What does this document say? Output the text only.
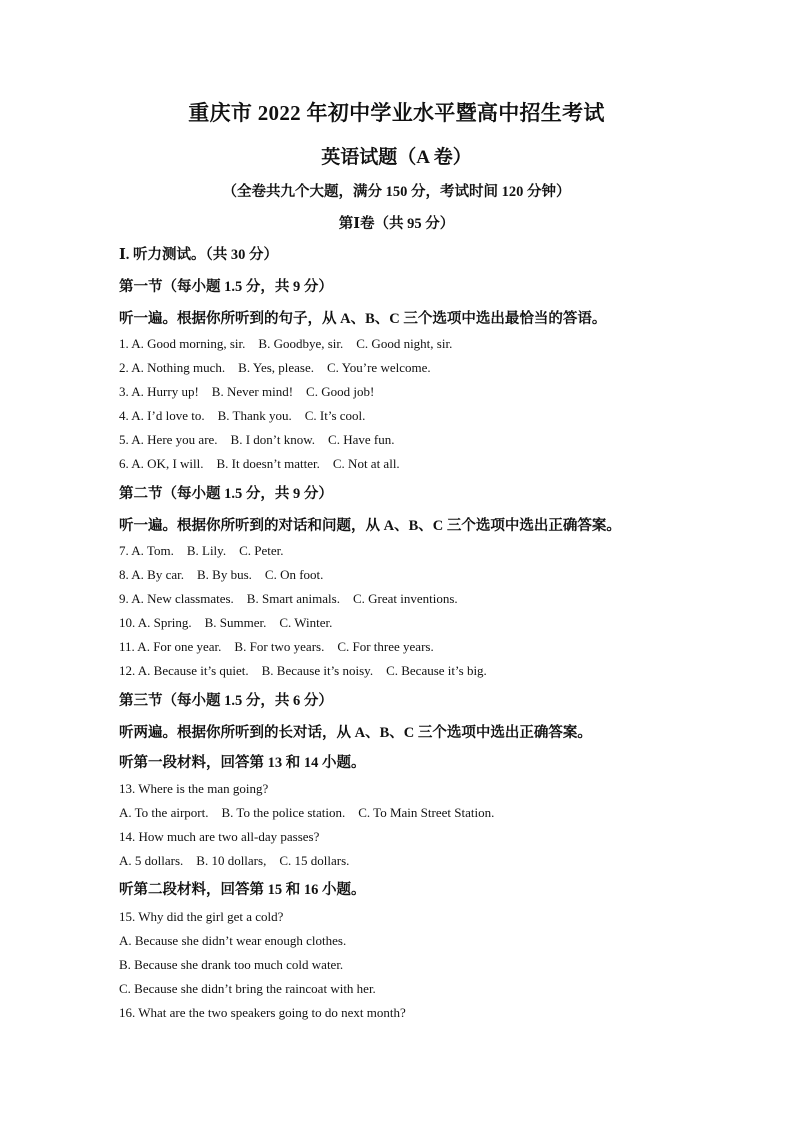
重庆市 2022 年初中学业水平暨高中招生考试
英语试题（A 卷）
（全卷共九个大题，满分 150 分，考试时间 120 分钟）
第Ⅰ卷（共 95 分）
Ⅰ. 听力测试。（共 30 分）
第一节（每小题 1.5 分，共 9 分）
听一遍。根据你所听到的句子，从 A、B、C 三个选项中选出最恰当的答语。
1. A. Good morning, sir.    B. Goodbye, sir.    C. Good night, sir.
2. A. Nothing much.    B. Yes, please.    C. You’re welcome.
3. A. Hurry up!    B. Never mind!    C. Good job!
4. A. I’d love to.    B. Thank you.    C. It’s cool.
5. A. Here you are.    B. I don’t know.    C. Have fun.
6. A. OK, I will.    B. It doesn’t matter.    C. Not at all.
第二节（每小题 1.5 分，共 9 分）
听一遍。根据你所听到的对话和问题，从 A、B、C 三个选项中选出正确答案。
7. A. Tom.    B. Lily.    C. Peter.
8. A. By car.    B. By bus.    C. On foot.
9. A. New classmates.    B. Smart animals.    C. Great inventions.
10. A. Spring.    B. Summer.    C. Winter.
11. A. For one year.    B. For two years.    C. For three years.
12. A. Because it’s quiet.    B. Because it’s noisy.    C. Because it’s big.
第三节（每小题 1.5 分，共 6 分）
听两遍。根据你所听到的长对话，从 A、B、C 三个选项中选出正确答案。
听第一段材料，回答第 13 和 14 小题。
13. Where is the man going?
A. To the airport.    B. To the police station.    C. To Main Street Station.
14. How much are two all-day passes?
A. 5 dollars.    B. 10 dollars,    C. 15 dollars.
听第二段材料，回答第 15 和 16 小题。
15. Why did the girl get a cold?
A. Because she didn’t wear enough clothes.
B. Because she drank too much cold water.
C. Because she didn’t bring the raincoat with her.
16. What are the two speakers going to do next month?
